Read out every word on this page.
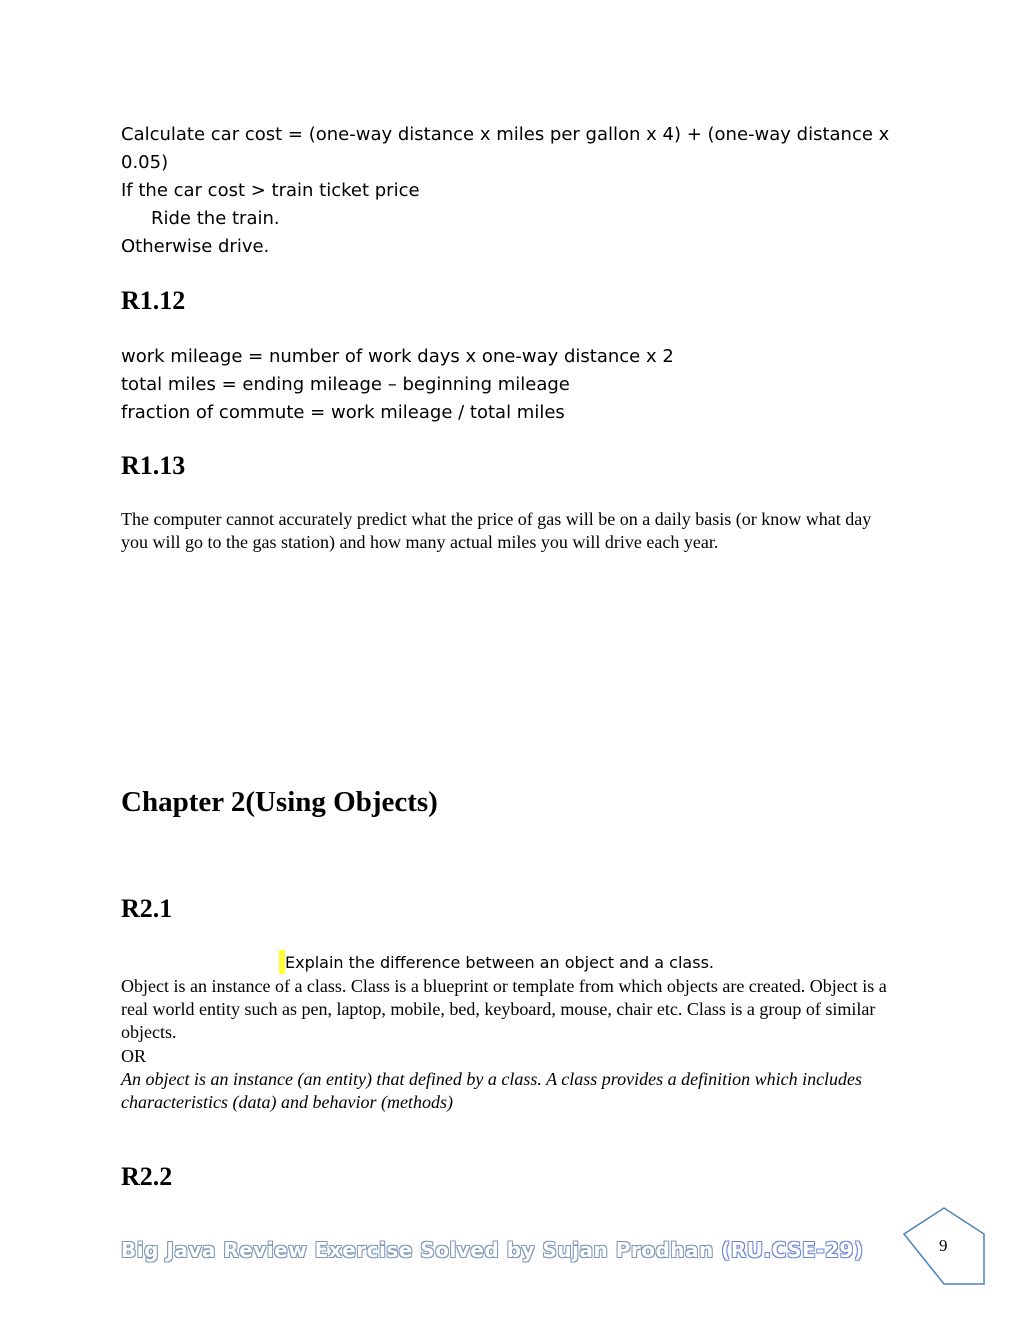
Calculate car cost = (one-way distance x miles per gallon x 4) + (one-way distance x
0.05)
If the car cost > train ticket price
Ride the train.
Otherwise drive.
R1.12
work mileage = number of work days x one-way distance x 2
total miles = ending mileage – beginning mileage
fraction of commute = work mileage / total miles
R1.13
The computer cannot accurately predict what the price of gas will be on a daily basis (or know what day you will go to the gas station) and how many actual miles you will drive each year.
Chapter 2(Using Objects)
R2.1
Explain the difference between an object and a class.
Object is an instance of a class. Class is a blueprint or template from which objects are created. Object is a real world entity such as pen, laptop, mobile, bed, keyboard, mouse, chair etc. Class is a group of similar objects.
OR
An object is an instance (an entity) that defined by a class. A class provides a definition which includes characteristics (data) and behavior (methods)
R2.2
Big Java Review Exercise Solved by Sujan Prodhan (RU.CSE-29)	9
